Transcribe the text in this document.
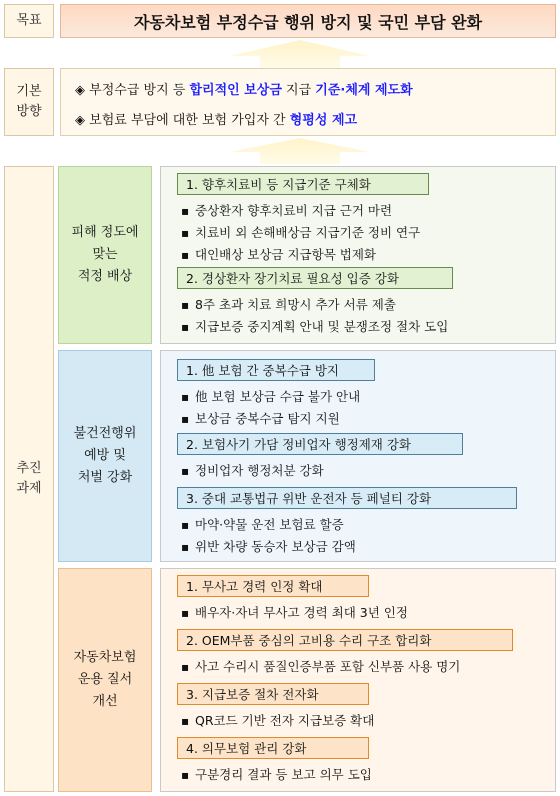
목표	자동차보험 부정수급 행위 방지 및 국민 부담 완화
기본
방향
◈ 부정수급 방지 등 합리적인 보상금 지급 기준·체계 제도화
◈ 보험료 부담에 대한 보험 가입자 간 형평성 제고
추진
과제
피해 정도에
맞는
적정 배상
1. 향후치료비 등 지급기준 구체화
▪ 중상환자 향후치료비 지급 근거 마련
▪ 치료비 외 손해배상금 지급기준 정비 연구
▪ 대인배상 보상금 지급항목 법제화
2. 경상환자 장기치료 필요성 입증 강화
▪ 8주 초과 치료 희망시 추가 서류 제출
▪ 지급보증 중지계획 안내 및 분쟁조정 절차 도입
불건전행위
예방 및
처벌 강화
1. 他 보험 간 중복수급 방지
▪ 他 보험 보상금 수급 불가 안내
▪ 보상금 중복수급 탐지 지원
2. 보험사기 가담 정비업자 행정제재 강화
▪ 정비업자 행정처분 강화
3. 중대 교통법규 위반 운전자 등 페널티 강화
▪ 마약·약물 운전 보험료 할증
▪ 위반 차량 동승자 보상금 감액
자동차보험
운용 질서
개선
1. 무사고 경력 인정 확대
▪ 배우자·자녀 무사고 경력 최대 3년 인정
2. OEM부품 중심의 고비용 수리 구조 합리화
▪ 사고 수리시 품질인증부품 포함 신부품 사용 명기
3. 지급보증 절차 전자화
▪ QR코드 기반 전자 지급보증 확대
4. 의무보험 관리 강화
▪ 구분경리 결과 등 보고 의무 도입
